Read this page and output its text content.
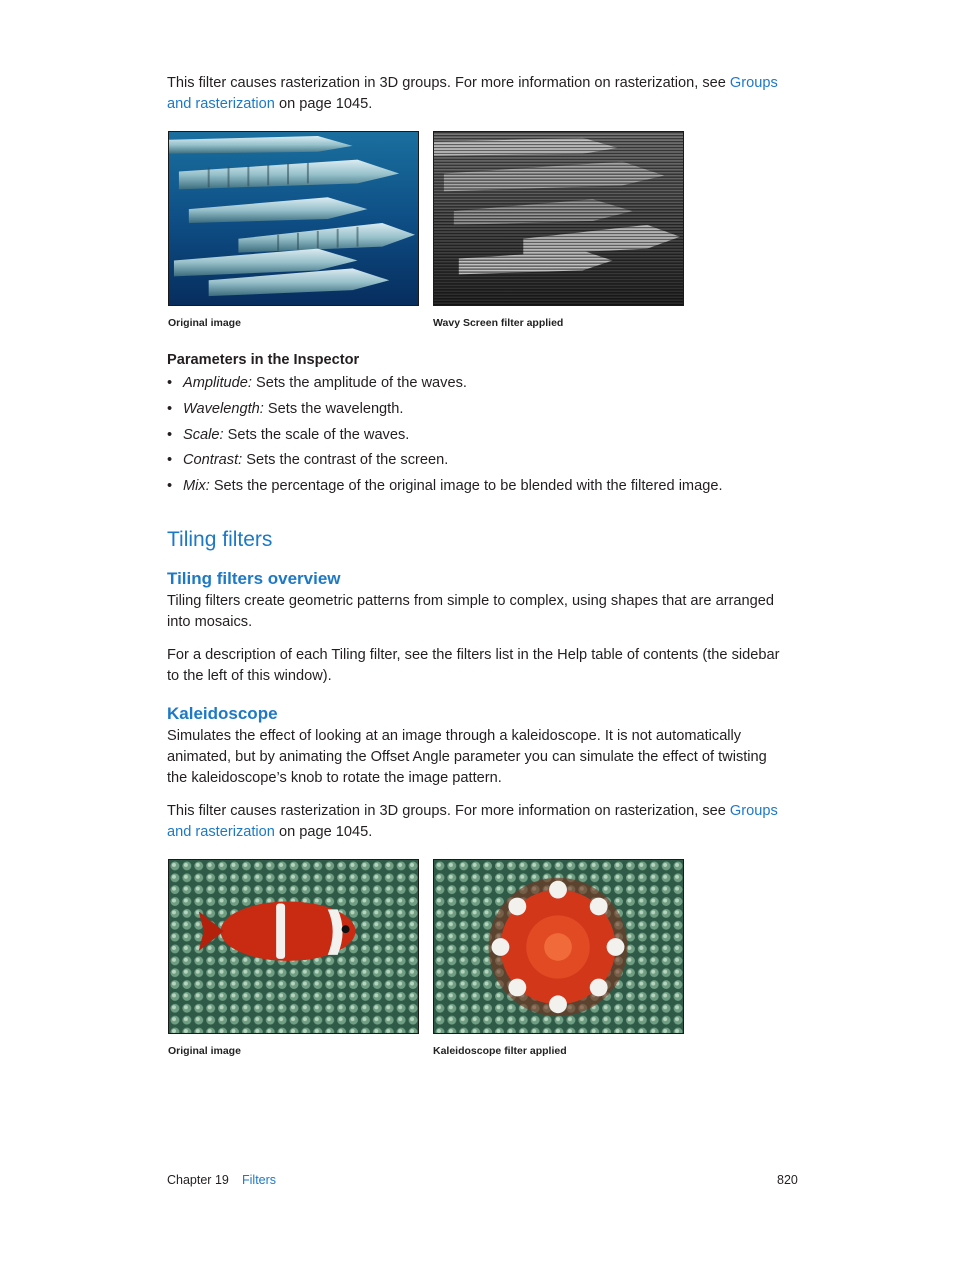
This filter causes rasterization in 3D groups. For more information on rasterization, see Groups and rasterization on page 1045.

Original image	Wavy Screen filter applied
Parameters in the Inspector
• Amplitude: Sets the amplitude of the waves.
• Wavelength: Sets the wavelength.
• Scale: Sets the scale of the waves.
• Contrast: Sets the contrast of the screen.
• Mix: Sets the percentage of the original image to be blended with the filtered image.
Tiling filters
Tiling filters overview

Tiling filters create geometric patterns from simple to complex, using shapes that are arranged into mosaics.

For a description of each Tiling filter, see the filters list in the Help table of contents (the sidebar to the left of this window).

Kaleidoscope

Simulates the effect of looking at an image through a kaleidoscope. It is not automatically animated, but by animating the Offset Angle parameter you can simulate the effect of twisting the kaleidoscope’s knob to rotate the image pattern.

This filter causes rasterization in 3D groups. For more information on rasterization, see Groups and rasterization on page 1045.

Original image	Kaleidoscope filter applied
Chapter 19 Filters	820
